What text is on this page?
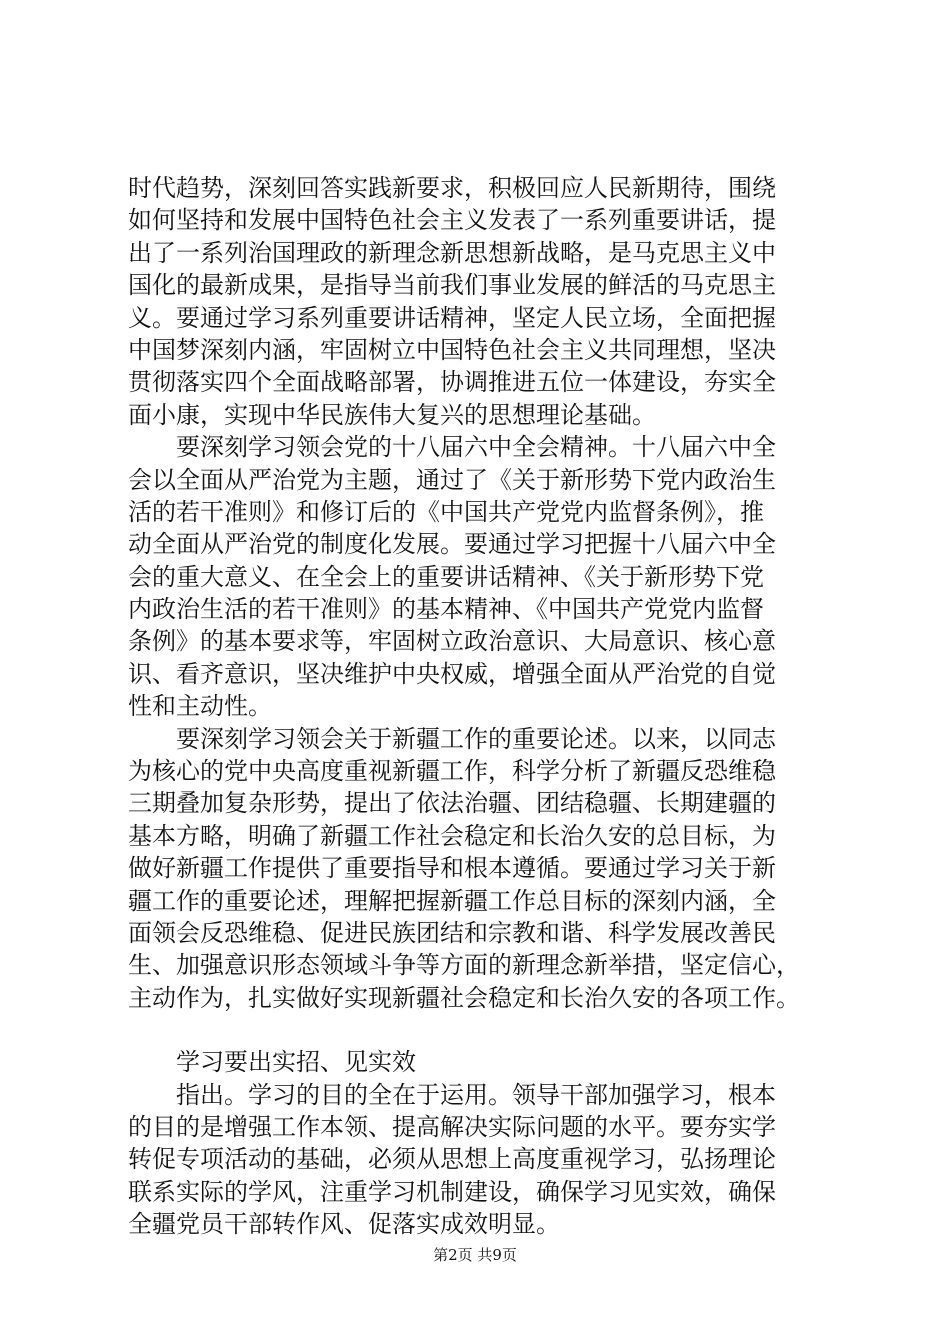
时代趋势，深刻回答实践新要求，积极回应人民新期待，围绕
如何坚持和发展中国特色社会主义发表了一系列重要讲话，提
出了一系列治国理政的新理念新思想新战略，是马克思主义中
国化的最新成果，是指导当前我们事业发展的鲜活的马克思主
义。要通过学习系列重要讲话精神，坚定人民立场，全面把握
中国梦深刻内涵，牢固树立中国特色社会主义共同理想，坚决
贯彻落实四个全面战略部署，协调推进五位一体建设，夯实全
面小康，实现中华民族伟大复兴的思想理论基础。
要深刻学习领会党的十八届六中全会精神。十八届六中全
会以全面从严治党为主题，通过了《关于新形势下党内政治生
活的若干准则》和修订后的《中国共产党党内监督条例》，推
动全面从严治党的制度化发展。要通过学习把握十八届六中全
会的重大意义、在全会上的重要讲话精神、《关于新形势下党
内政治生活的若干准则》的基本精神、《中国共产党党内监督
条例》的基本要求等，牢固树立政治意识、大局意识、核心意
识、看齐意识，坚决维护中央权威，增强全面从严治党的自觉
性和主动性。
要深刻学习领会关于新疆工作的重要论述。以来，以同志
为核心的党中央高度重视新疆工作，科学分析了新疆反恐维稳
三期叠加复杂形势，提出了依法治疆、团结稳疆、长期建疆的
基本方略，明确了新疆工作社会稳定和长治久安的总目标，为
做好新疆工作提供了重要指导和根本遵循。要通过学习关于新
疆工作的重要论述，理解把握新疆工作总目标的深刻内涵，全
面领会反恐维稳、促进民族团结和宗教和谐、科学发展改善民
生、加强意识形态领域斗争等方面的新理念新举措，坚定信心，
主动作为，扎实做好实现新疆社会稳定和长治久安的各项工作。
学习要出实招、见实效
指出。学习的目的全在于运用。领导干部加强学习，根本
的目的是增强工作本领、提高解决实际问题的水平。要夯实学
转促专项活动的基础，必须从思想上高度重视学习，弘扬理论
联系实际的学风，注重学习机制建设，确保学习见实效，确保
全疆党员干部转作风、促落实成效明显。
第2页 共9页
